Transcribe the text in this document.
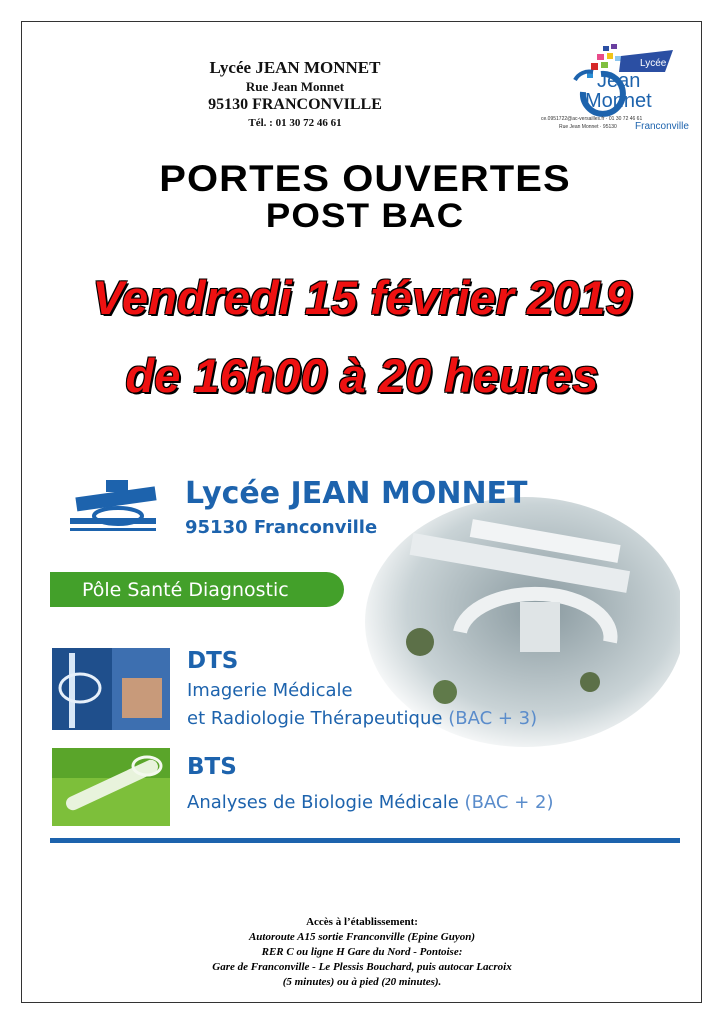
Lycée JEAN MONNET
Rue Jean Monnet
95130 FRANCONVILLE
Tél. : 01 30 72 46 61
Lycée
Jean
Monnet
ce.0951722@ac-versailles.fr · 01 30 72 46 61
Rue Jean Monnet · 95130 Franconville
PORTES OUVERTES
POST BAC
Vendredi 15 février 2019
de 16h00 à 20 heures
Lycée JEAN MONNET
95130 Franconville
Pôle Santé Diagnostic
DTS
Imagerie Médicale
et Radiologie Thérapeutique (BAC + 3)
BTS
Analyses de Biologie Médicale (BAC + 2)
Accès à l’établissement:
Autoroute A15 sortie Franconville (Epine Guyon)
RER C ou ligne H Gare du Nord - Pontoise:
Gare de Franconville - Le Plessis Bouchard, puis autocar Lacroix
(5 minutes) ou à pied (20 minutes).
